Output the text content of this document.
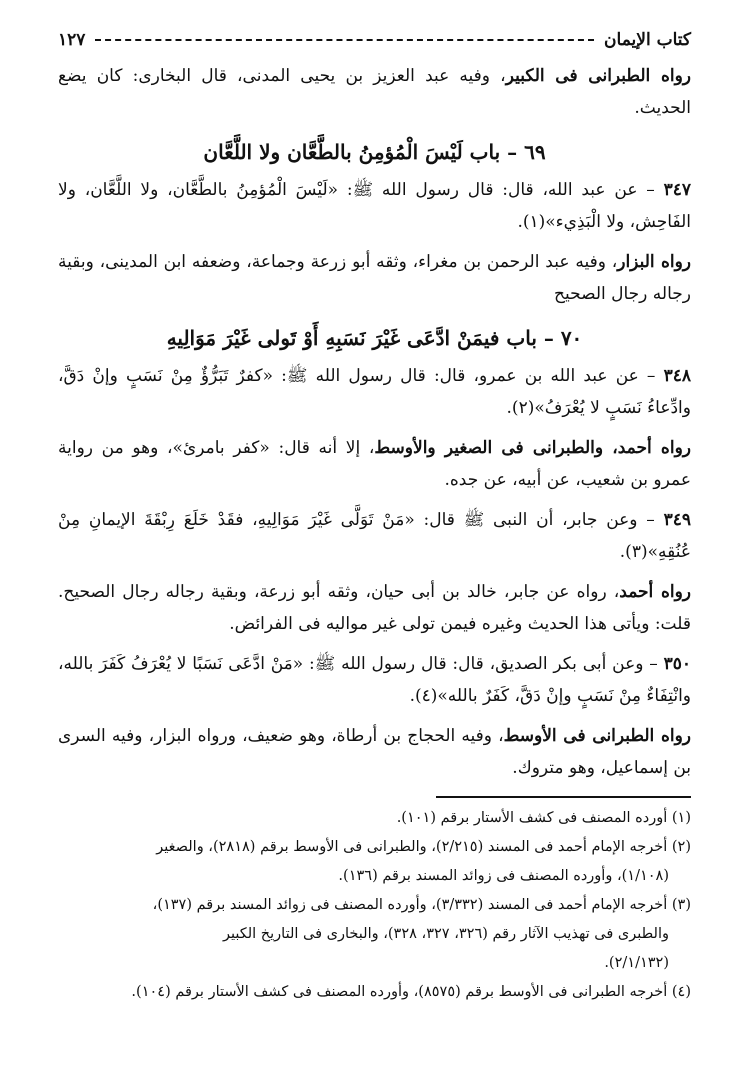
كتاب الإيمان
١٢٧

رواه الطبرانى فى الكبير، وفيه عبد العزيز بن يحيى المدنى، قال البخارى: كان يضع الحديث.

٦٩ – باب لَيْسَ الْمُؤمِنُ بالطَّعَّان ولا اللَّعَّان

٣٤٧ – عن عبد الله، قال: قال رسول الله ﷺ: «لَيْسَ الْمُؤمِنُ بالطَّعَّان، ولا اللَّعَّان، ولا الفَاحِش، ولا الْبَذِيء»(١).

رواه البزار، وفيه عبد الرحمن بن مغراء، وثقه أبو زرعة وجماعة، وضعفه ابن المدينى، وبقية رجاله رجال الصحيح

٧٠ – باب فيمَنْ ادَّعَى غَيْرَ نَسَبِهِ أَوْ تَولى غَيْرَ مَوَالِيهِ

٣٤٨ – عن عبد الله بن عمرو، قال: قال رسول الله ﷺ: «كفرٌ تَبَرُّؤٌ مِنْ نَسَبٍ وإنْ دَقَّ، وادِّعاءُ نَسَبٍ لا يُعْرَفُ»(٢).

رواه أحمد، والطبرانى فى الصغير والأوسط، إلا أنه قال: «كفر بامرئ»، وهو من رواية عمرو بن شعيب، عن أبيه، عن جده.

٣٤٩ – وعن جابر، أن النبى ﷺ قال: «مَنْ تَوَلَّى غَيْرَ مَوَالِيهِ، فقَدْ خَلَعَ رِبْقَةَ الإيمانِ مِنْ عُنُقِهِ»(٣).

رواه أحمد، رواه عن جابر، خالد بن أبى حيان، وثقه أبو زرعة، وبقية رجاله رجال الصحيح. قلت: ويأتى هذا الحديث وغيره فيمن تولى غير مواليه فى الفرائض.

٣٥٠ – وعن أبى بكر الصديق، قال: قال رسول الله ﷺ: «مَنْ ادَّعَى نَسَبًا لا يُعْرَفُ كَفَرَ بالله، وانْتِفَاءٌ مِنْ نَسَبٍ وإنْ دَقَّ، كَفَرٌ بالله»(٤).

رواه الطبرانى فى الأوسط، وفيه الحجاج بن أرطاة، وهو ضعيف، ورواه البزار، وفيه السرى بن إسماعيل، وهو متروك.

(١) أورده المصنف فى كشف الأستار برقم (١٠١).
(٢) أخرجه الإمام أحمد فى المسند (٢/٢١٥)، والطبرانى فى الأوسط برقم (٢٨١٨)، والصغير
(١/١٠٨)، وأورده المصنف فى زوائد المسند برقم (١٣٦).
(٣) أخرجه الإمام أحمد فى المسند (٣/٣٣٢)، وأورده المصنف فى زوائد المسند برقم (١٣٧)،
والطبرى فى تهذيب الآثار رقم (٣٢٦، ٣٢٧، ٣٢٨)، والبخارى فى التاريخ الكبير
(٢/١/١٣٢).
(٤) أخرجه الطبرانى فى الأوسط برقم (٨٥٧٥)، وأورده المصنف فى كشف الأستار برقم (١٠٤).
